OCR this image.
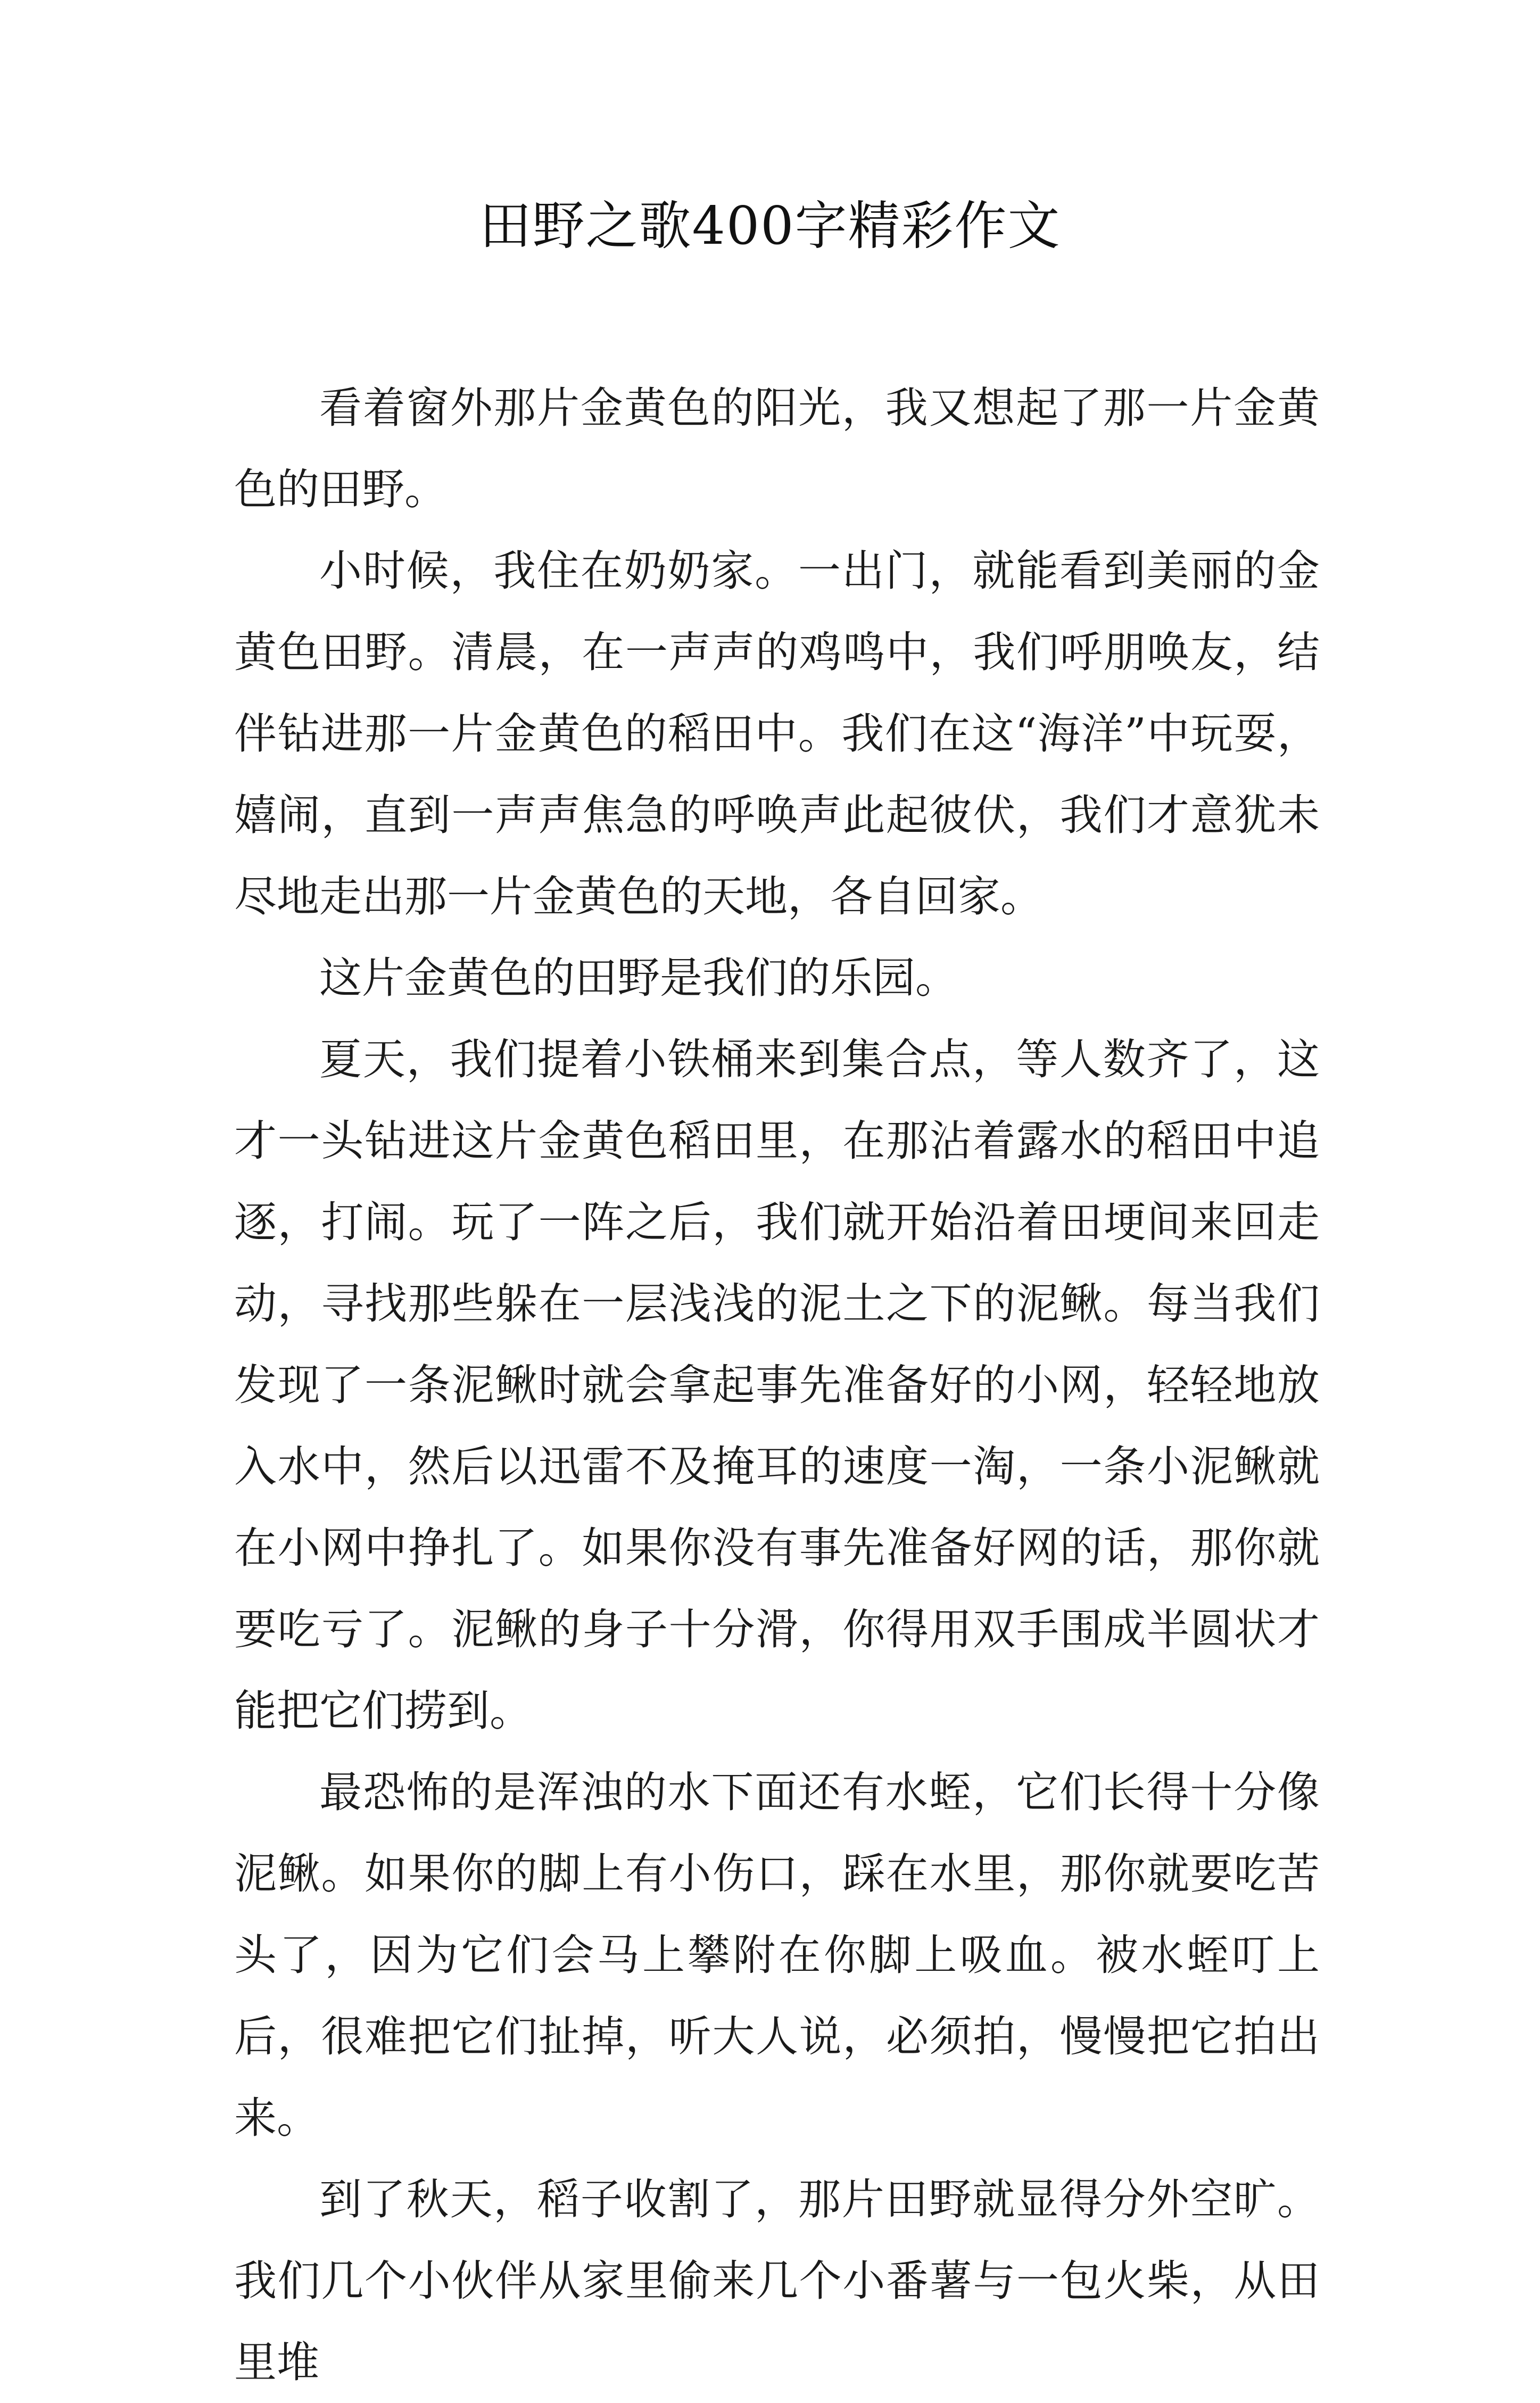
田野之歌400字精彩作文

看着窗外那片金黄色的阳光，我又想起了那一片金黄色的田野。

小时候，我住在奶奶家。一出门，就能看到美丽的金黄色田野。清晨，在一声声的鸡鸣中，我们呼朋唤友，结伴钻进那一片金黄色的稻田中。我们在这“海洋”中玩耍，嬉闹，直到一声声焦急的呼唤声此起彼伏，我们才意犹未尽地走出那一片金黄色的天地，各自回家。

这片金黄色的田野是我们的乐园。

夏天，我们提着小铁桶来到集合点，等人数齐了，这才一头钻进这片金黄色稻田里，在那沾着露水的稻田中追逐，打闹。玩了一阵之后，我们就开始沿着田埂间来回走动，寻找那些躲在一层浅浅的泥土之下的泥鳅。每当我们发现了一条泥鳅时就会拿起事先准备好的小网，轻轻地放入水中，然后以迅雷不及掩耳的速度一淘，一条小泥鳅就在小网中挣扎了。如果你没有事先准备好网的话，那你就要吃亏了。泥鳅的身子十分滑，你得用双手围成半圆状才能把它们捞到。

最恐怖的是浑浊的水下面还有水蛭，它们长得十分像泥鳅。如果你的脚上有小伤口，踩在水里，那你就要吃苦头了，因为它们会马上攀附在你脚上吸血。被水蛭叮上后，很难把它们扯掉，听大人说，必须拍，慢慢把它拍出来。

到了秋天，稻子收割了，那片田野就显得分外空旷。我们几个小伙伴从家里偷来几个小番薯与一包火柴，从田里堆
